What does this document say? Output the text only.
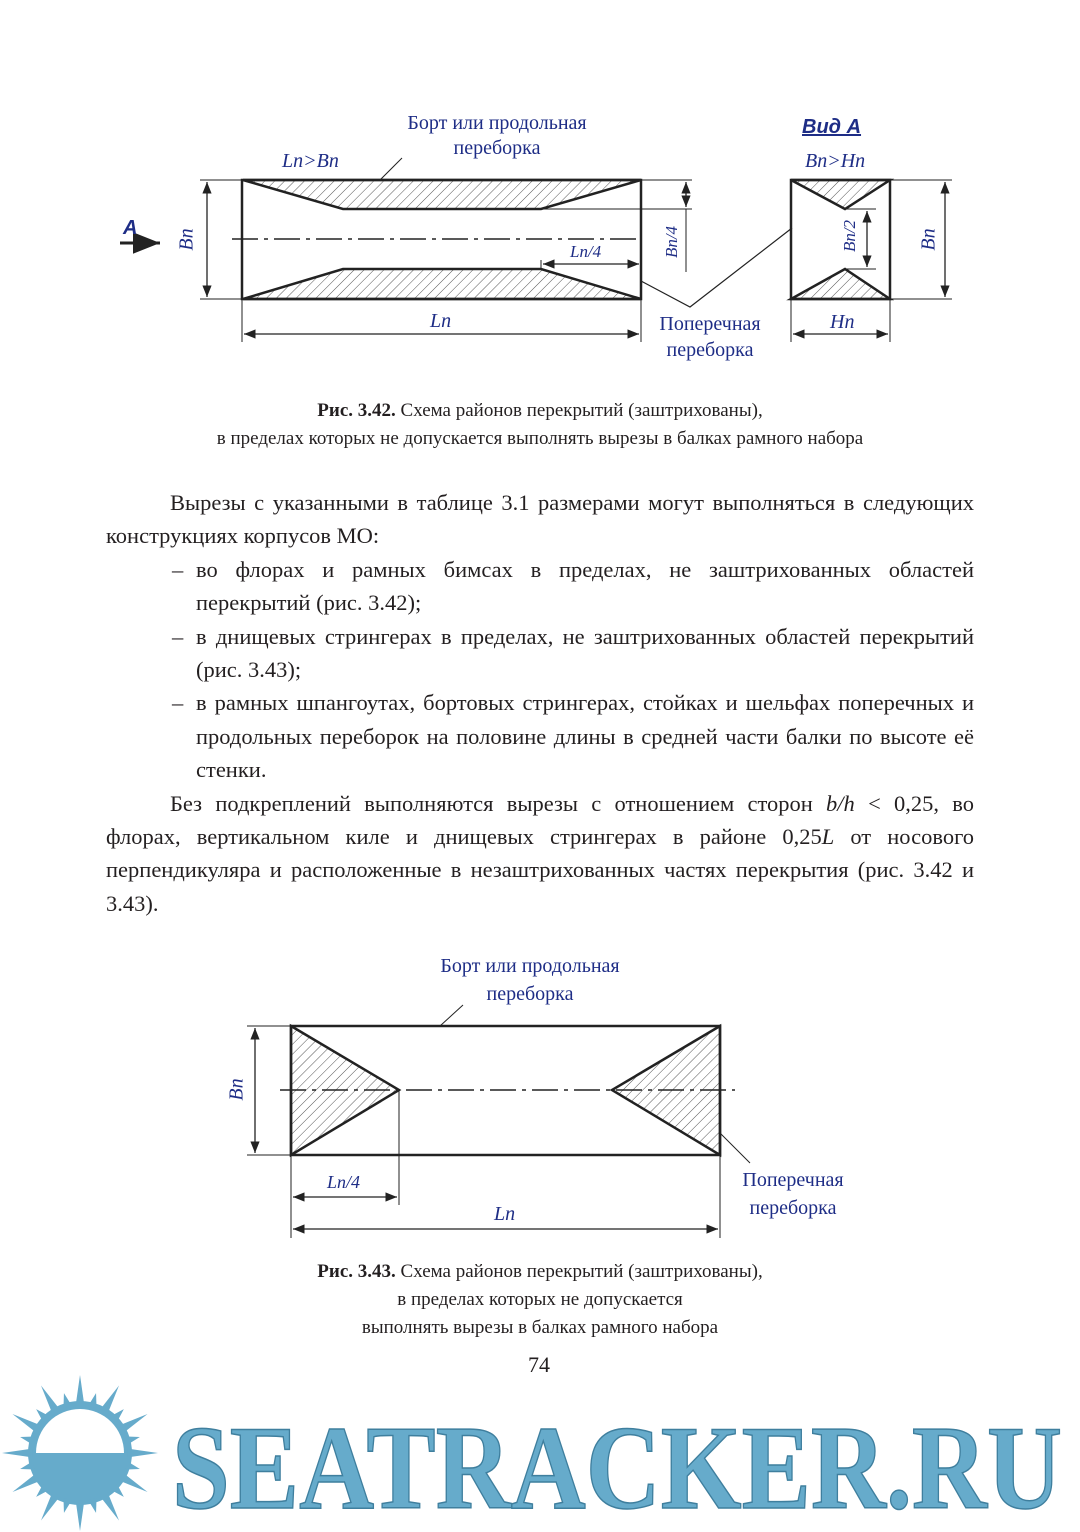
SEATRACKER.RU
Борт или продольная
переборка
Ln>Bn
A
Bn	Bn/4
Ln/4
Ln	Поперечная
переборка
Вид А
Bn>Hn
Bn/2	Bn
Hn
Рис. 3.42. Схема районов перекрытий (заштрихованы),
в пределах которых не допускается выполнять вырезы в балках рамного набора

Вырезы с указанными в таблице 3.1 размерами могут выполняться в следующих конструкциях корпусов МО:

– во флорах и рамных бимсах в пределах, не заштрихованных областей перекрытий (рис. 3.42);

– в днищевых стрингерах в пределах, не заштрихованных областей перекрытий (рис. 3.43);

– в рамных шпангоутах, бортовых стрингерах, стойках и шельфах поперечных и продольных переборок на половине длины в средней части балки по высоте её стенки.

Без подкреплений выполняются вырезы с отношением сторон b/h < 0,25, во флорах, вертикальном киле и днищевых стрингерах в районе 0,25L от носового перпендикуляра и расположенные в незаштрихованных частях перекрытия (рис. 3.42 и 3.43).

Борт или продольная
переборка
Bn
Ln/4
Ln
Поперечная
переборка
Рис. 3.43. Схема районов перекрытий (заштрихованы),
в пределах которых не допускается
выполнять вырезы в балках рамного набора
74
